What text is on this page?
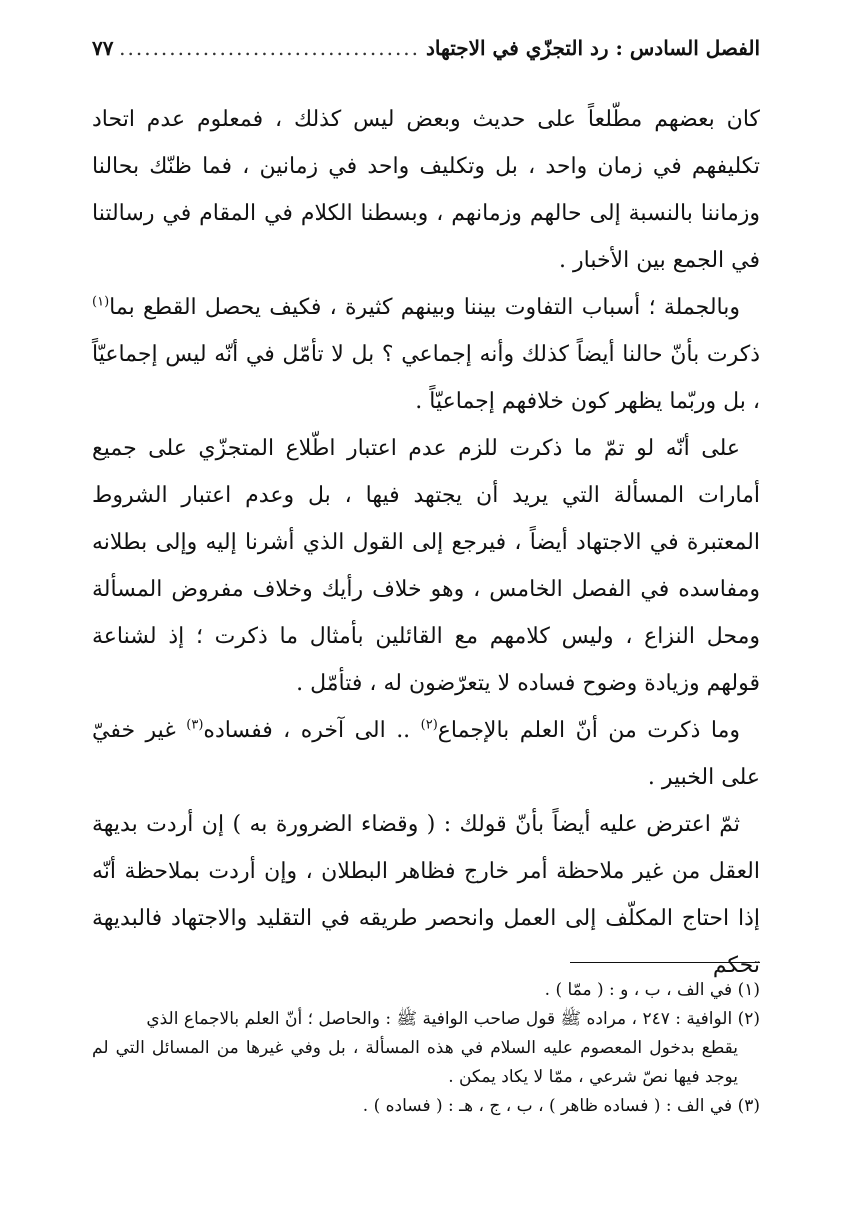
الفصل السادس : رد التجزّي في الاجتهاد
.....
٧٧

كان بعضهم مطّلعاً على حديث وبعض ليس كذلك ، فمعلوم عدم اتحاد تكليفهم في زمان واحد ، بل وتكليف واحد في زمانين ، فما ظنّك بحالنا وزماننا بالنسبة إلى حالهم وزمانهم ، وبسطنا الكلام في المقام في رسالتنا في الجمع بين الأخبار .

وبالجملة ؛ أسباب التفاوت بيننا وبينهم كثيرة ، فكيف يحصل القطع بما$^{(١)}$ ذكرت بأنّ حالنا أيضاً كذلك وأنه إجماعي ؟ بل لا تأمّل في أنّه ليس إجماعيّاً ، بل وربّما يظهر كون خلافهم إجماعيّاً .

على أنّه لو تمّ ما ذكرت للزم عدم اعتبار اطّلاع المتجزّي على جميع أمارات المسألة التي يريد أن يجتهد فيها ، بل وعدم اعتبار الشروط المعتبرة في الاجتهاد أيضاً ، فيرجع إلى القول الذي أشرنا إليه وإلى بطلانه ومفاسده في الفصل الخامس ، وهو خلاف رأيك وخلاف مفروض المسألة ومحل النزاع ، وليس كلامهم مع القائلين بأمثال ما ذكرت ؛ إذ لشناعة قولهم وزيادة وضوح فساده لا يتعرّضون له ، فتأمّل .

وما ذكرت من أنّ العلم بالإجماع$^{(٢)}$ .. الى آخره ، ففساده$^{(٣)}$ غير خفيّ على الخبير .

ثمّ اعترض عليه أيضاً بأنّ قولك : ( وقضاء الضرورة به ) إن أردت بديهة العقل من غير ملاحظة أمر خارج فظاهر البطلان ، وإن أردت بملاحظة أنّه إذا احتاج المكلّف إلى العمل وانحصر طريقه في التقليد والاجتهاد فالبديهة تحكم

(١) في الف ، ب ، و : ( ممّا ) .

(٢) الوافية : ٢٤٧ ، مراده ﷺ قول صاحب الوافية ﷺ : والحاصل ؛ أنّ العلم بالاجماع الذي

يقطع بدخول المعصوم عليه السلام في هذه المسألة ، بل وفي غيرها من المسائل التي لم يوجد فيها نصّ شرعي ، ممّا لا يكاد يمكن .

(٣) في الف : ( فساده ظاهر ) ، ب ، ج ، هـ : ( فساده ) .
